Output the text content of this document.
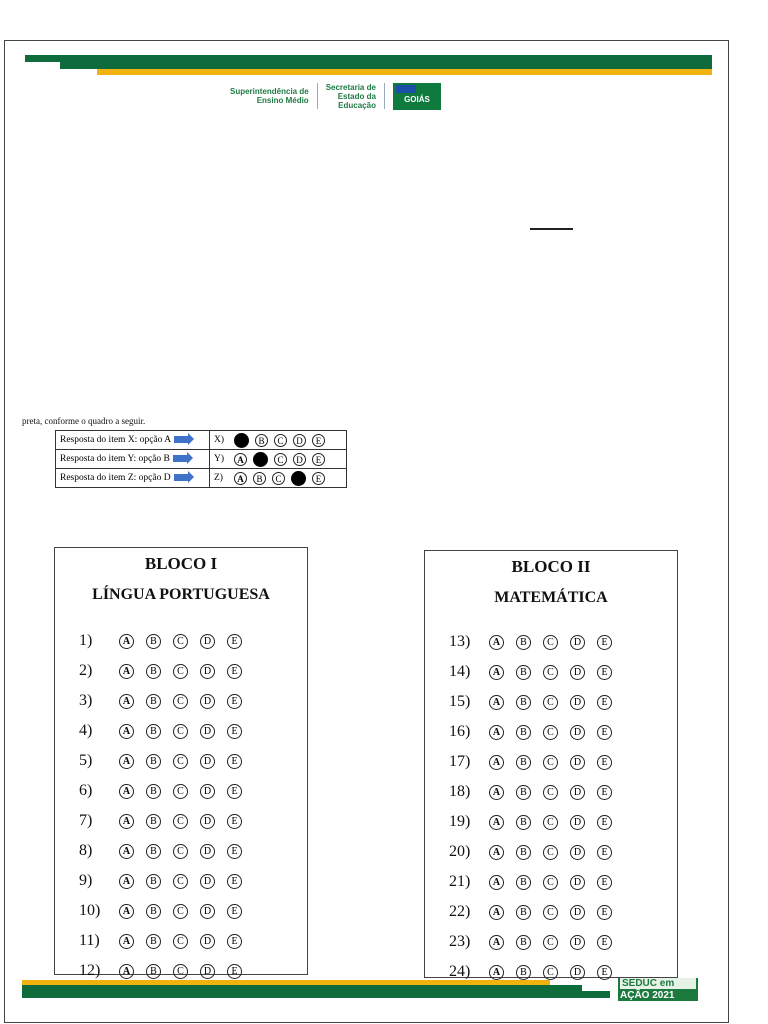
Superintendência de
Ensino Médio
Secretaria de
Estado da
Educação
GOIÁS
preta, conforme o quadro a seguir.
Resposta do item X: opção A	X) B C D E
Resposta do item Y: opção B	Y) A C D E
Resposta do item Z: opção D	Z) A B C E
BLOCO I
LÍNGUA PORTUGUESA
1)	A	B	C	D	E
2)	A	B	C	D	E
3)	A	B	C	D	E
4)	A	B	C	D	E
5)	A	B	C	D	E
6)	A	B	C	D	E
7)	A	B	C	D	E
8)	A	B	C	D	E
9)	A	B	C	D	E
10)	A	B	C	D	E
11)	A	B	C	D	E
12)	A	B	C	D	E
BLOCO II
MATEMÁTICA
13)	A	B	C	D	E
14)	A	B	C	D	E
15)	A	B	C	D	E
16)	A	B	C	D	E
17)	A	B	C	D	E
18)	A	B	C	D	E
19)	A	B	C	D	E
20)	A	B	C	D	E
21)	A	B	C	D	E
22)	A	B	C	D	E
23)	A	B	C	D	E
24)	A	B	C	D	E
SEDUC em
AÇÃO 2021
